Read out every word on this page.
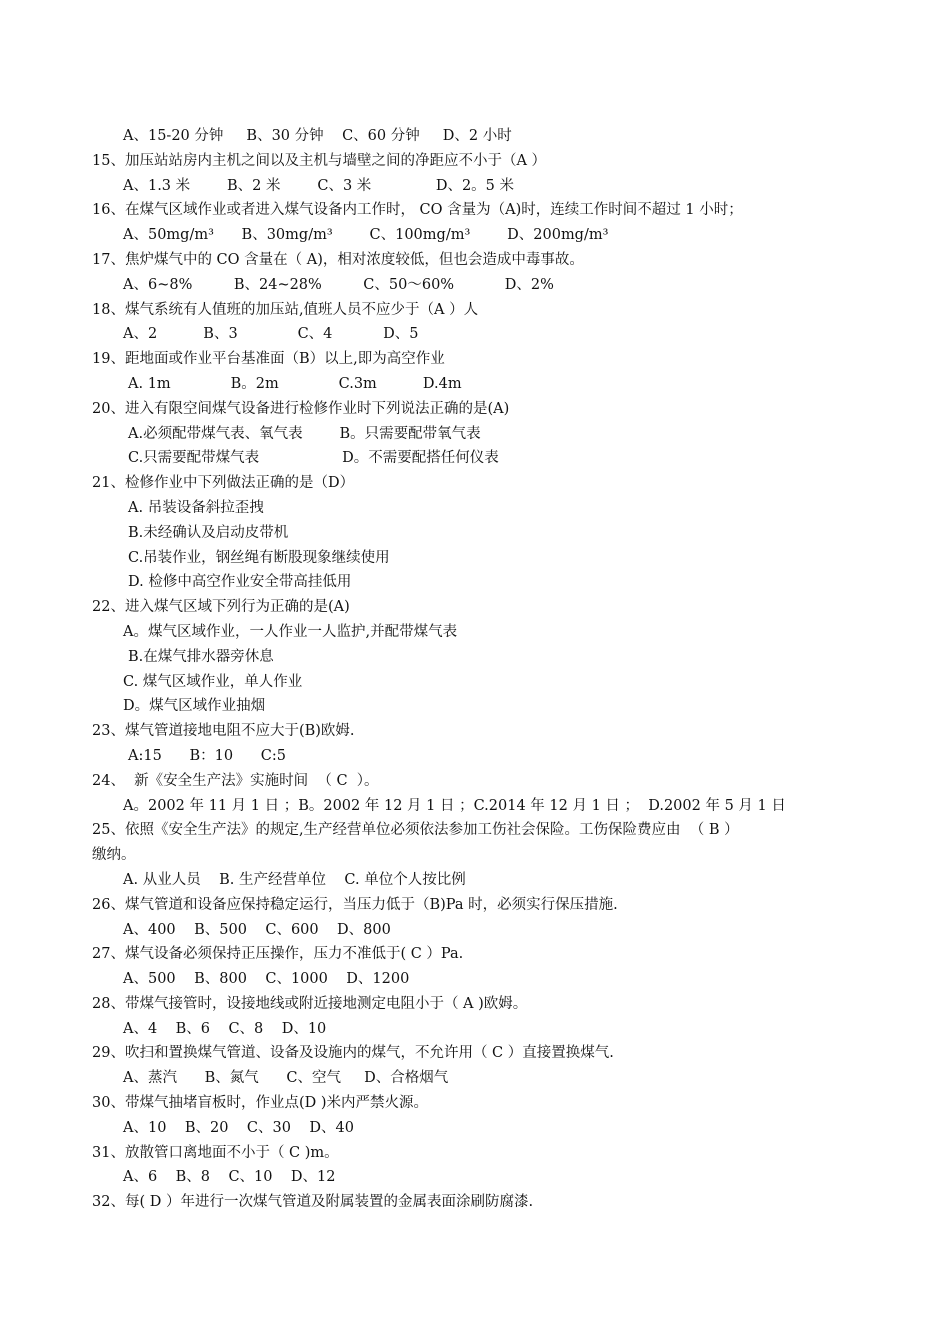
A、15-20 分钟     B、30 分钟    C、60 分钟     D、2 小时
15、加压站站房内主机之间以及主机与墙壁之间的净距应不小于（A ）
A、1.3 米        B、2 米        C、3 米              D、2。5 米
16、在煤气区域作业或者进入煤气设备内工作时， CO 含量为（A)时，连续工作时间不超过 1 小时；
A、50mg/m³      B、30mg/m³        C、100mg/m³        D、200mg/m³
17、焦炉煤气中的 CO 含量在（ A)，相对浓度较低，但也会造成中毒事故。
A、6~8%         B、24~28%         C、50～60%           D、2%
18、煤气系统有人值班的加压站,值班人员不应少于（A ）人
A、2          B、3             C、4           D、5
19、距地面或作业平台基准面（B）以上,即为高空作业
A. 1m             B。2m             C.3m          D.4m
20、进入有限空间煤气设备进行检修作业时下列说法正确的是(A)
A.必须配带煤气表、氧气表        B。只需要配带氧气表
C.只需要配带煤气表                  D。不需要配搭任何仪表
21、检修作业中下列做法正确的是（D）
A. 吊装设备斜拉歪拽
B.未经确认及启动皮带机
C.吊装作业，钢丝绳有断股现象继续使用
D. 检修中高空作业安全带高挂低用
22、进入煤气区域下列行为正确的是(A)
A。煤气区域作业，一人作业一人监护,并配带煤气表
B.在煤气排水器旁休息
C. 煤气区域作业，单人作业
D。煤气区域作业抽烟
23、煤气管道接地电阻不应大于(B)欧姆.
A:15      B：10      C:5
24、  新《安全生产法》实施时间  （ C  ）。
A。2002 年 11 月 1 日 ；B。2002 年 12 月 1 日 ；C.2014 年 12 月 1 日 ；  D.2002 年 5 月 1 日
25、依照《安全生产法》的规定,生产经营单位必须依法参加工伤社会保险。工伤保险费应由  （ B ）
缴纳。
A. 从业人员    B. 生产经营单位    C. 单位个人按比例
26、煤气管道和设备应保持稳定运行，当压力低于（B)Pa 时，必须实行保压措施.
A、400    B、500    C、600    D、800
27、煤气设备必须保持正压操作，压力不准低于( C ）Pa.
A、500    B、800    C、1000    D、1200
28、带煤气接管时，设接地线或附近接地测定电阻小于（ A )欧姆。
A、4    B、6    C、8    D、10
29、吹扫和置换煤气管道、设备及设施内的煤气，不允许用（ C ）直接置换煤气.
A、蒸汽      B、氮气      C、空气     D、合格烟气
30、带煤气抽堵盲板时，作业点(D )米内严禁火源。
A、10    B、20    C、30    D、40
31、放散管口离地面不小于（ C )m。
A、6    B、8    C、10    D、12
32、每( D ）年进行一次煤气管道及附属装置的金属表面涂刷防腐漆.
